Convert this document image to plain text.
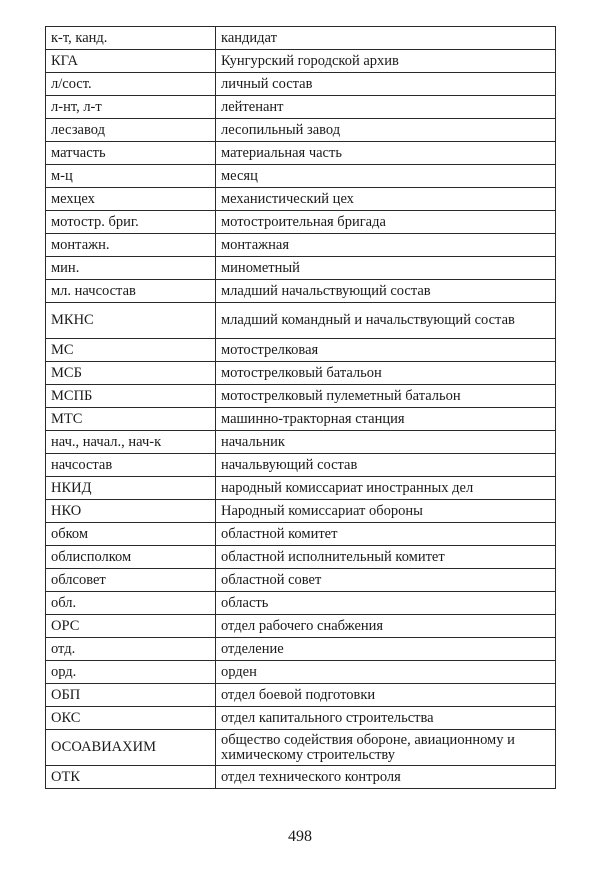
к-т, канд.	кандидат
КГА	Кунгурский городской архив
л/сост.	личный состав
л-нт, л-т	лейтенант
лесзавод	лесопильный завод
матчасть	материальная часть
м-ц	месяц
мехцех	механистический цех
мотостр. бриг.	мотостроительная бригада
монтажн.	монтажная
мин.	минометный
мл. начсостав	младший начальствующий состав
МКНС	младший командный и начальствующий состав
МС	мотострелковая
МСБ	мотострелковый батальон
МСПБ	мотострелковый пулеметный батальон
МТС	машинно-тракторная станция
нач., начал., нач-к	начальник
начсостав	начальвующий состав
НКИД	народный комиссариат иностранных дел
НКО	Народный комиссариат обороны
обком	областной комитет
облисполком	областной исполнительный комитет
облсовет	областной совет
обл.	область
ОРС	отдел рабочего снабжения
отд.	отделение
орд.	орден
ОБП	отдел боевой подготовки
ОКС	отдел капитального строительства
ОСОАВИАХИМ	общество содействия обороне, авиационному и химическому строительству
ОТК	отдел технического контроля
498
